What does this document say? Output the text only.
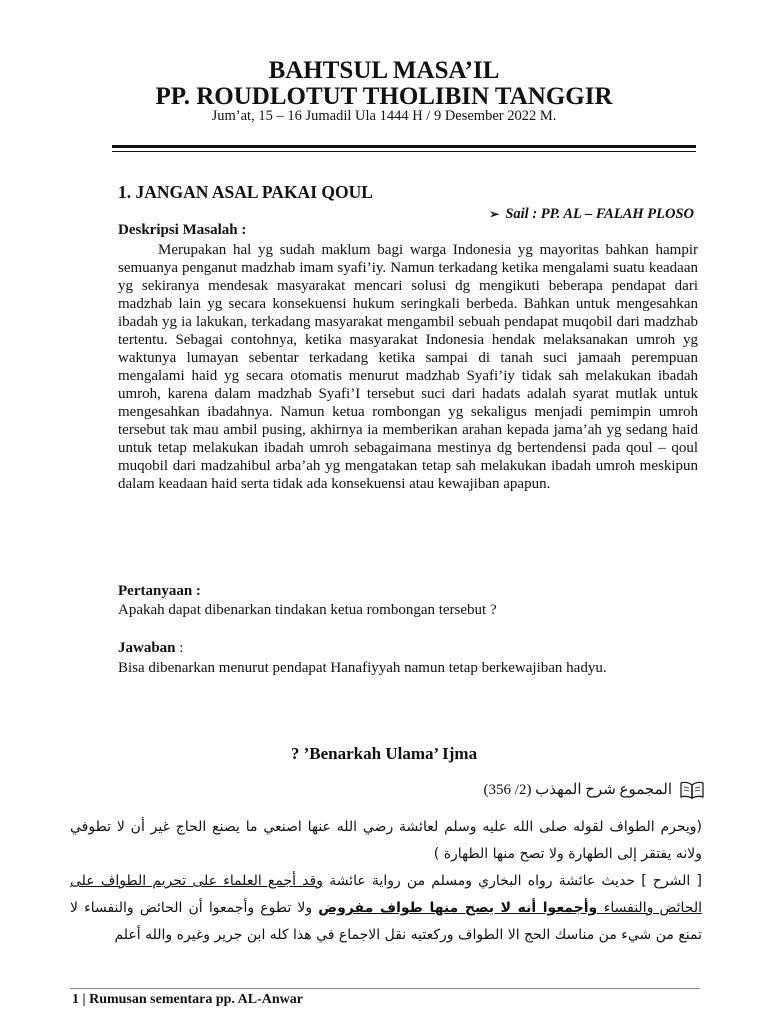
BAHTSUL MASA’IL
PP. ROUDLOTUT THOLIBIN TANGGIR
Jum’at, 15 – 16 Jumadil Ula 1444 H / 9 Desember 2022 M.
1. JANGAN ASAL PAKAI QOUL
➢ Sail : PP. AL – FALAH PLOSO
Deskripsi Masalah :
Merupakan hal yg sudah maklum bagi warga Indonesia yg mayoritas bahkan hampir semuanya penganut madzhab imam syafi’iy. Namun terkadang ketika mengalami suatu keadaan yg sekiranya mendesak masyarakat mencari solusi dg mengikuti beberapa pendapat dari madzhab lain yg secara konsekuensi hukum seringkali berbeda. Bahkan untuk mengesahkan ibadah yg ia lakukan, terkadang masyarakat mengambil sebuah pendapat muqobil dari madzhab tertentu. Sebagai contohnya, ketika masyarakat Indonesia hendak melaksanakan umroh yg waktunya lumayan sebentar terkadang ketika sampai di tanah suci jamaah perempuan mengalami haid yg secara otomatis menurut madzhab Syafi’iy tidak sah melakukan ibadah umroh, karena dalam madzhab Syafi’I tersebut suci dari hadats adalah syarat mutlak untuk mengesahkan ibadahnya. Namun ketua rombongan yg sekaligus menjadi pemimpin umroh tersebut tak mau ambil pusing, akhirnya ia memberikan arahan kepada jama’ah yg sedang haid untuk tetap melakukan ibadah umroh sebagaimana mestinya dg bertendensi pada qoul – qoul muqobil dari madzahibul arba’ah yg mengatakan tetap sah melakukan ibadah umroh meskipun dalam keadaan haid serta tidak ada konsekuensi atau kewajiban apapun.
Pertanyaan :
Apakah dapat dibenarkan tindakan ketua rombongan tersebut ?
Jawaban :
Bisa dibenarkan menurut pendapat Hanafiyyah namun tetap berkewajiban hadyu.
? ’Benarkah Ulama’ Ijma
المجموع شرح المهذب (2/ 356)
(ويحرم الطواف لقوله صلى الله عليه وسلم لعائشة رضي الله عنها اصنعي ما يصنع الحاج غير أن لا تطوفي ولانه يفتقر إلى الطهارة ولا تصح منها الطهارة )
[ الشرح ] حديث عائشة رواه البخاري ومسلم من رواية عائشة وقد أجمع العلماء على تحريم الطواف على الحائض والنفساء وأجمعوا أنه لا يصح منها طواف مفروض ولا تطوع وأجمعوا أن الحائض والنفساء لا تمنع من شيء من مناسك الحج الا الطواف وركعتيه نقل الاجماع في هذا كله ابن جرير وغيره والله أعلم
1 | Rumusan sementara pp. AL-Anwar
